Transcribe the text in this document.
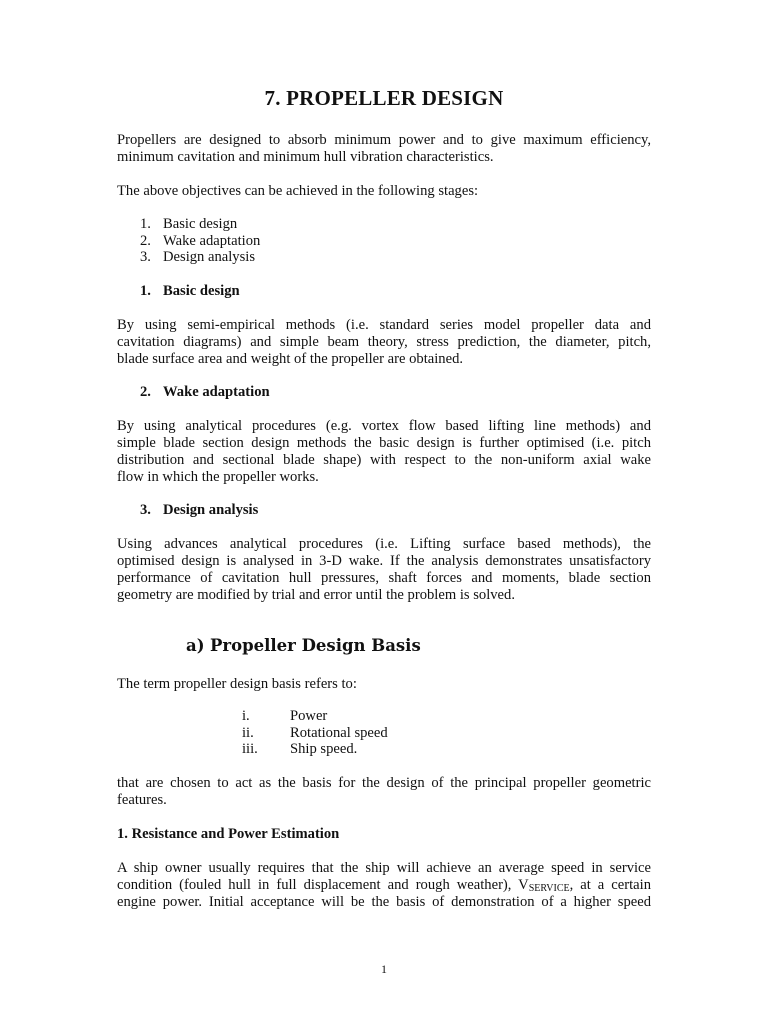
7. PROPELLER DESIGN
Propellers are designed to absorb minimum power and to give maximum efficiency,
minimum cavitation and minimum hull vibration characteristics.
The above objectives can be achieved in the following stages:
1. Basic design
2. Wake adaptation
3. Design analysis
1. Basic design
By using semi-empirical methods (i.e. standard series model propeller data and
cavitation diagrams) and simple beam theory, stress prediction, the diameter, pitch,
blade surface area and weight of the propeller are obtained.
2. Wake adaptation
By using analytical procedures (e.g. vortex flow based lifting line methods) and
simple blade section design methods the basic design is further optimised (i.e. pitch
distribution and sectional blade shape) with respect to the non-uniform axial wake
flow in which the propeller works.
3. Design analysis
Using advances analytical procedures (i.e. Lifting surface based methods), the
optimised design is analysed in 3-D wake. If the analysis demonstrates unsatisfactory
performance of cavitation hull pressures, shaft forces and moments, blade section
geometry are modified by trial and error until the problem is solved.
a) Propeller Design Basis
The term propeller design basis refers to:
i.	Power
ii. Rotational speed
iii. Ship speed.
that are chosen to act as the basis for the design of the principal propeller geometric
features.
1. Resistance and Power Estimation
A ship owner usually requires that the ship will achieve an average speed in service
condition (fouled hull in full displacement and rough weather), $V_{SERVICE}$, at a certain
engine power. Initial acceptance will be the basis of demonstration of a higher speed
1
